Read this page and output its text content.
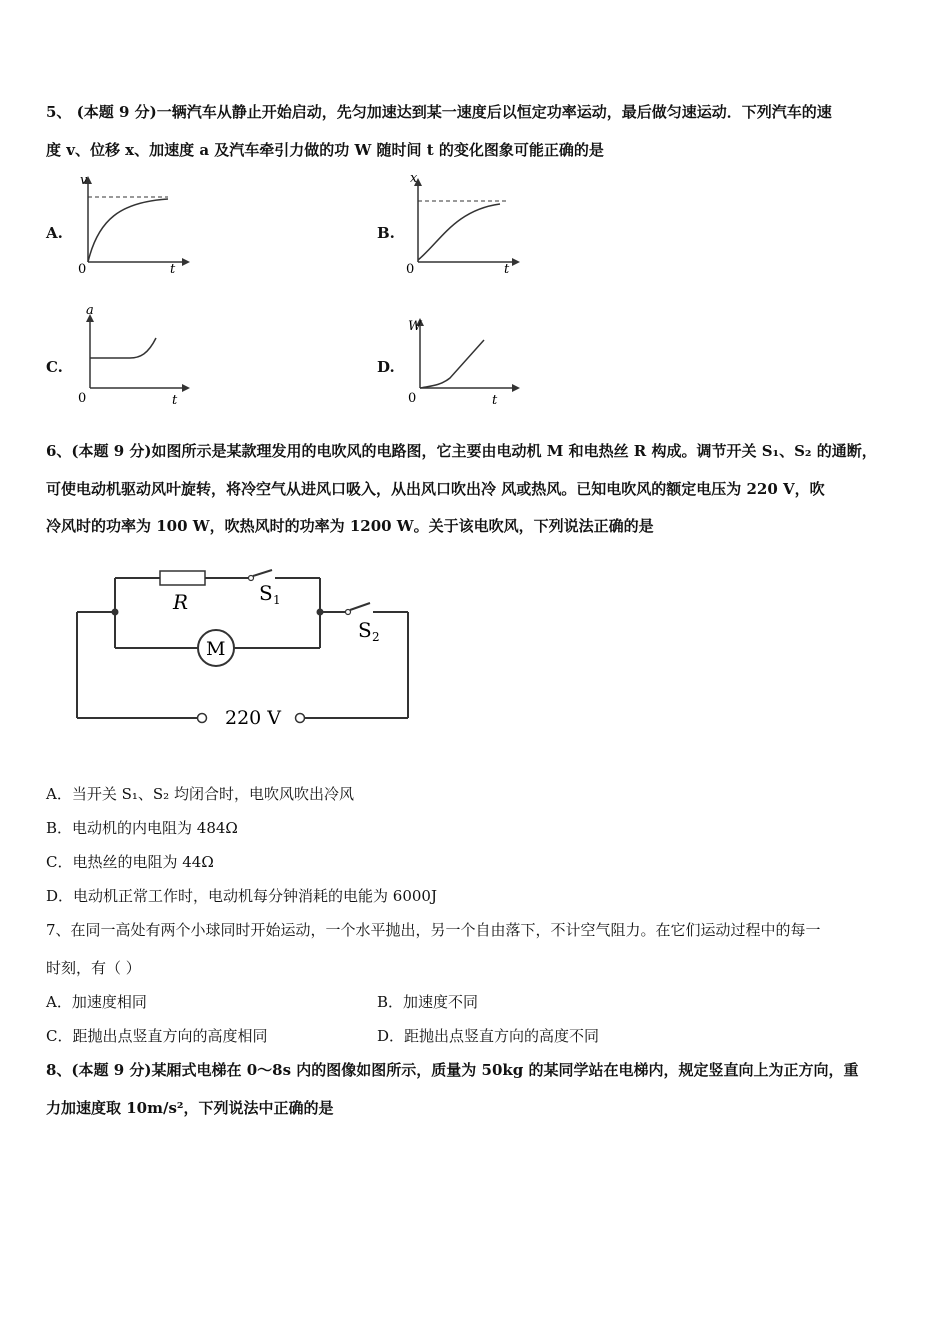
5、 (本题 9 分)一辆汽车从静止开始启动，先匀加速达到某一速度后以恒定功率运动，最后做匀速运动．下列汽车的速
度 v、位移 x、加速度 a 及汽车牵引力做的功 W 随时间 t 的变化图象可能正确的是
A.
v
0	t
B.
x
0	t
C.
a
0	t
D.
W
0	t
6、(本题 9 分)如图所示是某款理发用的电吹风的电路图，它主要由电动机 M 和电热丝 R 构成。调节开关 S₁、S₂ 的通断，
可使电动机驱动风叶旋转，将冷空气从进风口吸入，从出风口吹出冷 风或热风。已知电吹风的额定电压为 220 V，吹
冷风时的功率为 100 W，吹热风时的功率为 1200 W。关于该电吹风，下列说法正确的是
R	S 1
S 2
M
220 V
A．当开关 S₁、S₂ 均闭合时，电吹风吹出冷风
B．电动机的内电阻为 484Ω
C．电热丝的电阻为 44Ω
D．电动机正常工作时，电动机每分钟消耗的电能为 6000J
7、在同一高处有两个小球同时开始运动，一个水平抛出，另一个自由落下，不计空气阻力。在它们运动过程中的每一
时刻，有（ ）
A．加速度相同	B．加速度不同
C．距抛出点竖直方向的高度相同	D．距抛出点竖直方向的高度不同
8、(本题 9 分)某厢式电梯在 0～8s 内的图像如图所示，质量为 50kg 的某同学站在电梯内，规定竖直向上为正方向，重
力加速度取 10m/s²，下列说法中正确的是
